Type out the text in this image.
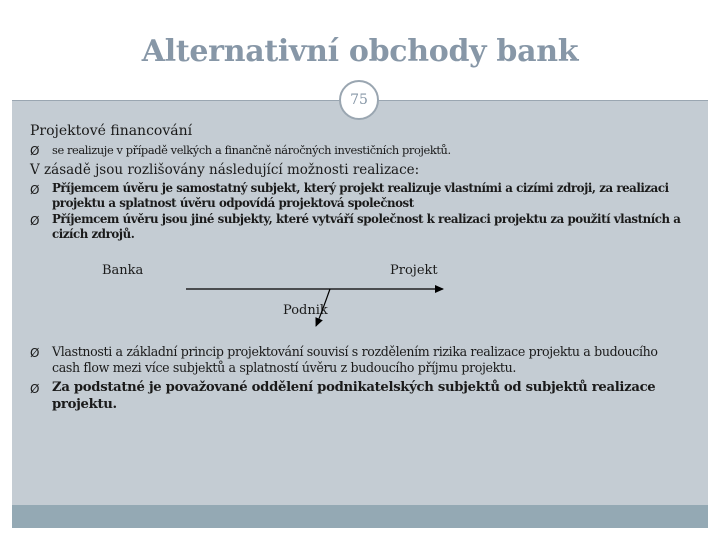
Alternativní obchody bank
75
Projektové financování
Ø se realizuje v případě velkých a finančně náročných investičních projektů.
V zásadě jsou rozlišovány následující možnosti realizace:
Ø Příjemcem úvěru je samostatný subjekt, který projekt realizuje vlastními a cizími zdroji, za realizaci
projektu a splatnost úvěru odpovídá projektová společnost
Ø Příjemcem úvěru jsou jiné subjekty, které vytváří společnost k realizaci projektu za použití vlastních a
cizích zdrojů.
Banka	Projekt
Podnik
Ø Vlastnosti a základní princip projektování souvisí s rozdělením rizika realizace projektu a budoucího
cash flow mezi více subjektů a splatností úvěru z budoucího příjmu projektu.
Ø Za podstatné je považované oddělení podnikatelských subjektů od subjektů realizace
projektu.
